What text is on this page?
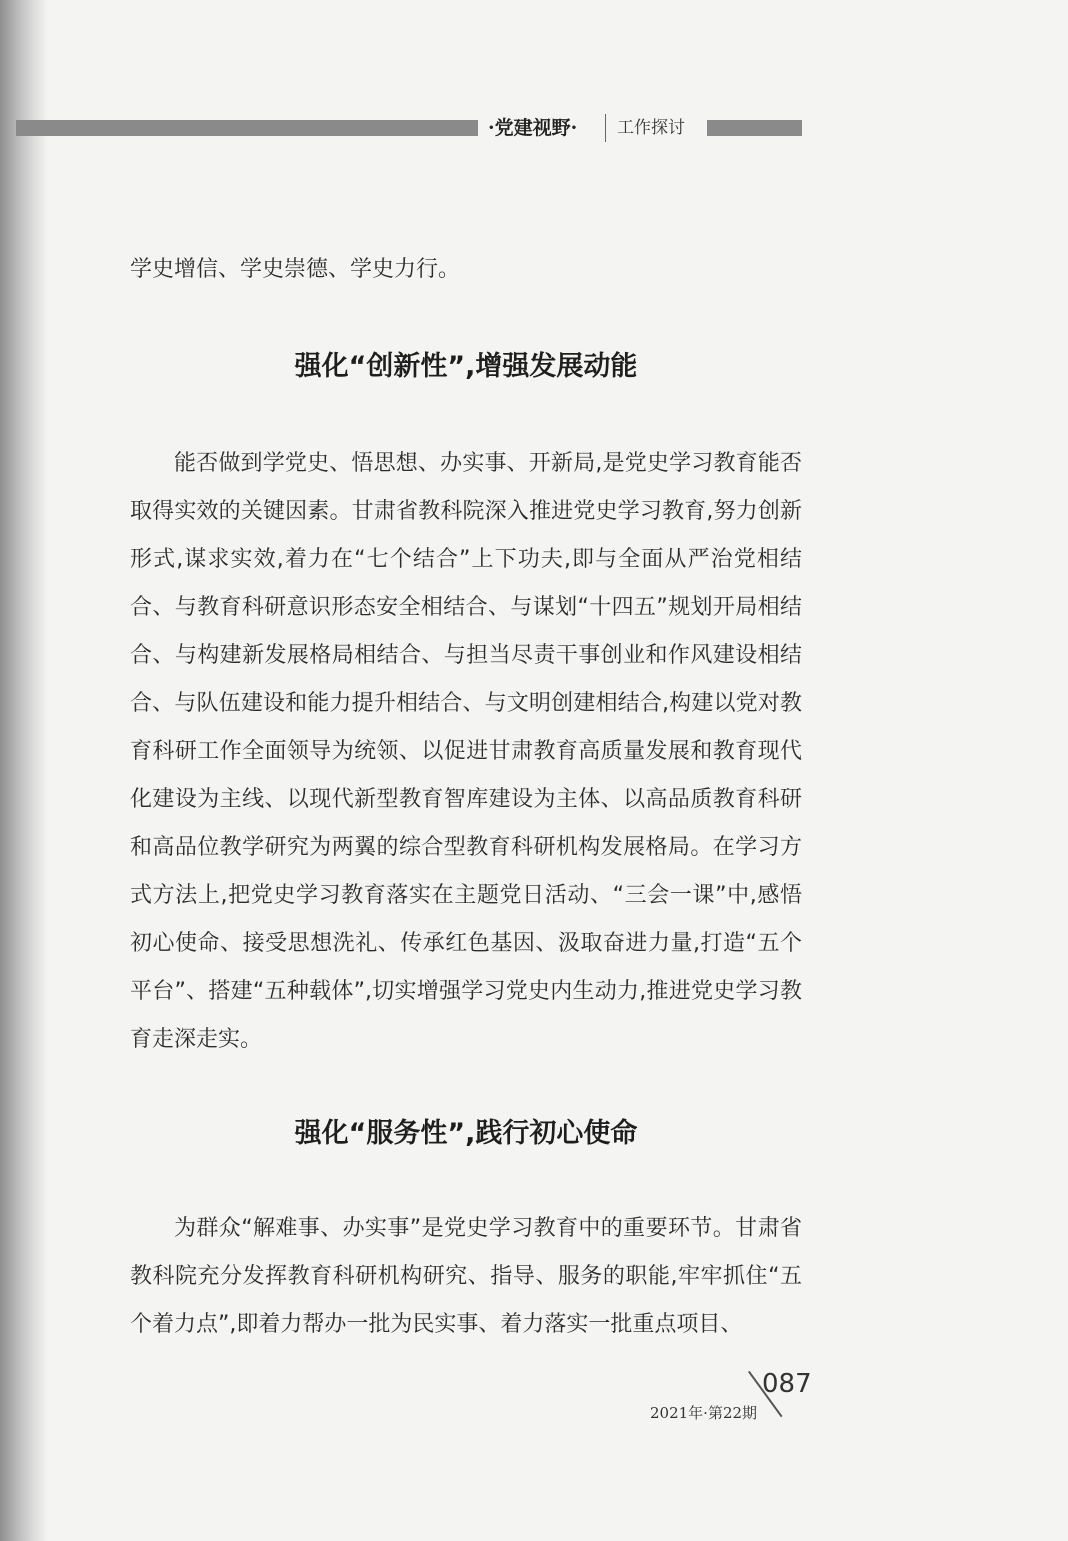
·党建视野· 工作探讨

学史增信、学史崇德、学史力行。

强化“创新性”,增强发展动能

能否做到学党史、悟思想、办实事、开新局,是党史学习教育能否取得实效的关键因素。甘肃省教科院深入推进党史学习教育,努力创新形式,谋求实效,着力在“七个结合”上下功夫,即与全面从严治党相结合、与教育科研意识形态安全相结合、与谋划“十四五”规划开局相结合、与构建新发展格局相结合、与担当尽责干事创业和作风建设相结合、与队伍建设和能力提升相结合、与文明创建相结合,构建以党对教育科研工作全面领导为统领、以促进甘肃教育高质量发展和教育现代化建设为主线、以现代新型教育智库建设为主体、以高品质教育科研和高品位教学研究为两翼的综合型教育科研机构发展格局。在学习方式方法上,把党史学习教育落实在主题党日活动、“三会一课”中,感悟初心使命、接受思想洗礼、传承红色基因、汲取奋进力量,打造“五个平台”、搭建“五种载体”,切实增强学习党史内生动力,推进党史学习教育走深走实。

强化“服务性”,践行初心使命

为群众“解难事、办实事”是党史学习教育中的重要环节。甘肃省教科院充分发挥教育科研机构研究、指导、服务的职能,牢牢抓住“五个着力点”,即着力帮办一批为民实事、着力落实一批重点项目、

087
2021年·第22期
